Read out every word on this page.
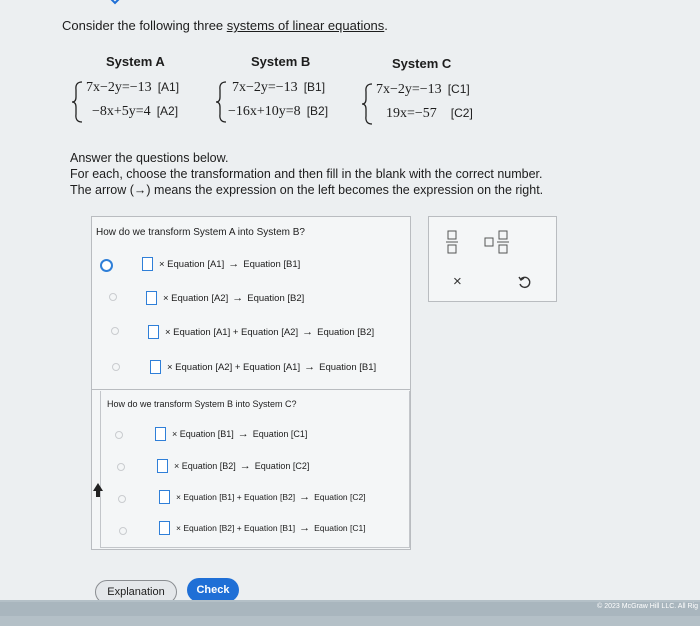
Consider the following three systems of linear equations.
System A
7x−2y=−13 [A1]
−8x+5y=4 [A2]
System B
7x−2y=−13 [B1]
−16x+10y=8 [B2]
System C
7x−2y=−13 [C1]
19x=−57 [C2]
Answer the questions below.
For each, choose the transformation and then fill in the blank with the correct number.
The arrow (→) means the expression on the left becomes the expression on the right.
How do we transform System A into System B?
× Equation [A1] → Equation [B1]
× Equation [A2] → Equation [B2]
× Equation [A1] + Equation [A2] → Equation [B2]
× Equation [A2] + Equation [A1] → Equation [B1]
How do we transform System B into System C?
× Equation [B1] → Equation [C1]
× Equation [B2] → Equation [C2]
× Equation [B1] + Equation [B2] → Equation [C2]
× Equation [B2] + Equation [B1] → Equation [C1]
×
Explanation	Check
© 2023 McGraw Hill LLC. All Rig
